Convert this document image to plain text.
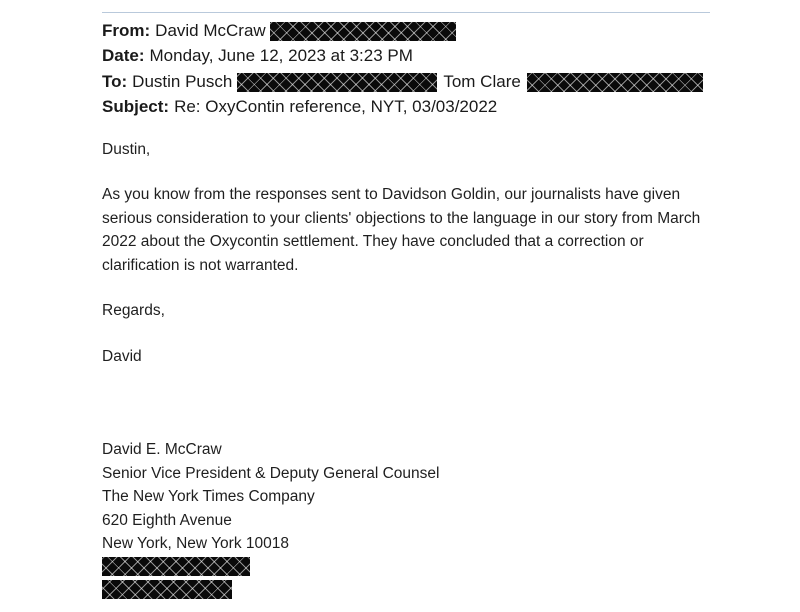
From: David McCraw
Date: Monday, June 12, 2023 at 3:23 PM
To: Dustin Pusch	Tom Clare
Subject: Re: OxyContin reference, NYT, 03/03/2022
Dustin,
As you know from the responses sent to Davidson Goldin, our journalists have given serious consideration to your clients' objections to the language in our story from March 2022 about the Oxycontin settlement. They have concluded that a correction or clarification is not warranted.
Regards,
David
David E. McCraw
Senior Vice President & Deputy General Counsel
The New York Times Company
620 Eighth Avenue
New York, New York 10018
